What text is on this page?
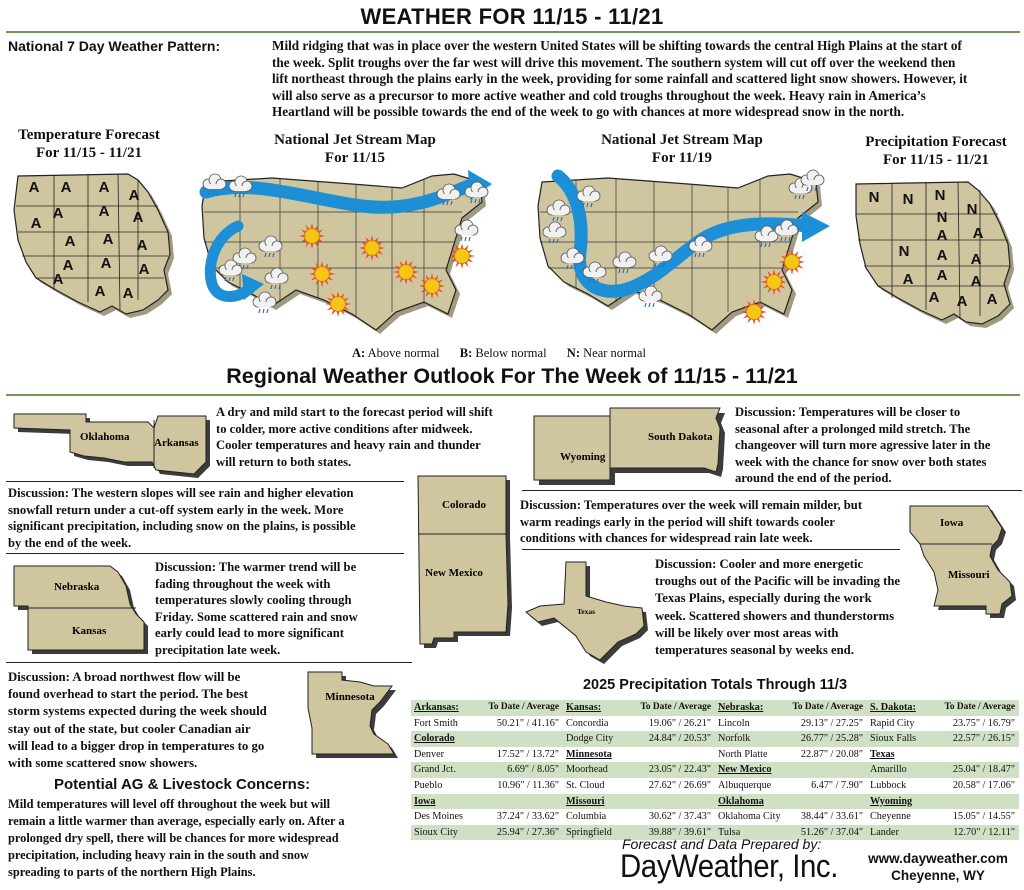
WEATHER FOR 11/15 - 11/21
National 7 Day Weather Pattern:	Mild ridging that was in place over the western United States will be shifting towards the central High Plains at the start of
the week. Split troughs over the far west will drive this movement. The southern system will cut off over the weekend then
lift northeast through the plains early in the week, providing for some rainfall and scattered light snow showers. However, it
will also serve as a precursor to more active weather and cold troughs throughout the week. Heavy rain in America’s
Heartland will be possible towards the end of the week to go with chances at more widespread snow in the north.
Temperature Forecast
For 11/15 - 11/21
National Jet Stream Map
For 11/15
National Jet Stream Map
For 11/19
Precipitation Forecast
For 11/15 - 11/21
A A A A
A A A
A
A A A
A A A
A
A A
N N N
N
N
A A
N A A
A A A
A A A
A: Above normal B: Below normal N: Near normal
Regional Weather Outlook For The Week of 11/15 - 11/21
Oklahoma Arkansas
A dry and mild start to the forecast period will shift
to colder, more active conditions after midweek.
Cooler temperatures and heavy rain and thunder
will return to both states.
Discussion: The western slopes will see rain and higher elevation
snowfall return under a cut-off system early in the week. More
significant precipitation, including snow on the plains, is possible
by the end of the week.
Colorado
New Mexico
Nebraska
Kansas
Discussion: The warmer trend will be
fading throughout the week with
temperatures slowly cooling through
Friday. Some scattered rain and snow
early could lead to more significant
precipitation late week.
Discussion: A broad northwest flow will be
found overhead to start the period. The best
storm systems expected during the week should
stay out of the state, but cooler Canadian air
will lead to a bigger drop in temperatures to go
with some scattered snow showers.
Minnesota
Potential AG & Livestock Concerns:
Mild temperatures will level off throughout the week but will
remain a little warmer than average, especially early on. After a
prolonged dry spell, there will be chances for more widespread
precipitation, including heavy rain in the south and snow
spreading to parts of the northern High Plains.
Wyoming
South Dakota
Discussion: Temperatures will be closer to
seasonal after a prolonged mild stretch. The
changeover will turn more agressive later in the
week with the chance for snow over both states
around the end of the period.
Discussion: Temperatures over the week will remain milder, but
warm readings early in the period will shift towards cooler
conditions with chances for widespread rain late week.
Iowa
Missouri
Texas
Discussion: Cooler and more energetic
troughs out of the Pacific will be invading the
Texas Plains, especially during the work
week. Scattered showers and thunderstorms
will be likely over most areas with
temperatures seasonal by weeks end.
2025 Precipitation Totals Through 11/3
Arkansas:	To Date / Average
Fort Smith	50.21" / 41.16"
Colorado
Denver	17.52" / 13.72"
Grand Jct.	6.69" / 8.05"
Pueblo	10.96" / 11.36"
Iowa
Des Moines	37.24" / 33.62"
Sioux City	25.94" / 27.36"
Kansas:	To Date / Average
Concordia	19.06" / 26.21"
Dodge City	24.84" / 20.53"
Minnesota
Moorhead	23.05" / 22.43"
St. Cloud	27.62" / 26.69"
Missouri
Columbia	30.62" / 37.43"
Springfield	39.88" / 39.61"
Nebraska:	To Date / Average
Lincoln	29.13" / 27.25"
Norfolk	26.77" / 25.28"
North Platte	22.87" / 20.08"
New Mexico
Albuquerque	6.47" / 7.90"
Oklahoma
Oklahoma City 38.44" / 33.61"
Tulsa	51.26" / 37.04"
S. Dakota:	To Date / Average
Rapid City	23.75" / 16.79"
Sioux Falls	22.57" / 26.15"
Texas
Amarillo	25.04" / 18.47"
Lubbock	20.58" / 17.06"
Wyoming
Cheyenne	15.05" / 14.55"
Lander	12.70" / 12.11"
Forecast and Data Prepared by:
DayWeather, Inc.	www.dayweather.com
Cheyenne, WY
